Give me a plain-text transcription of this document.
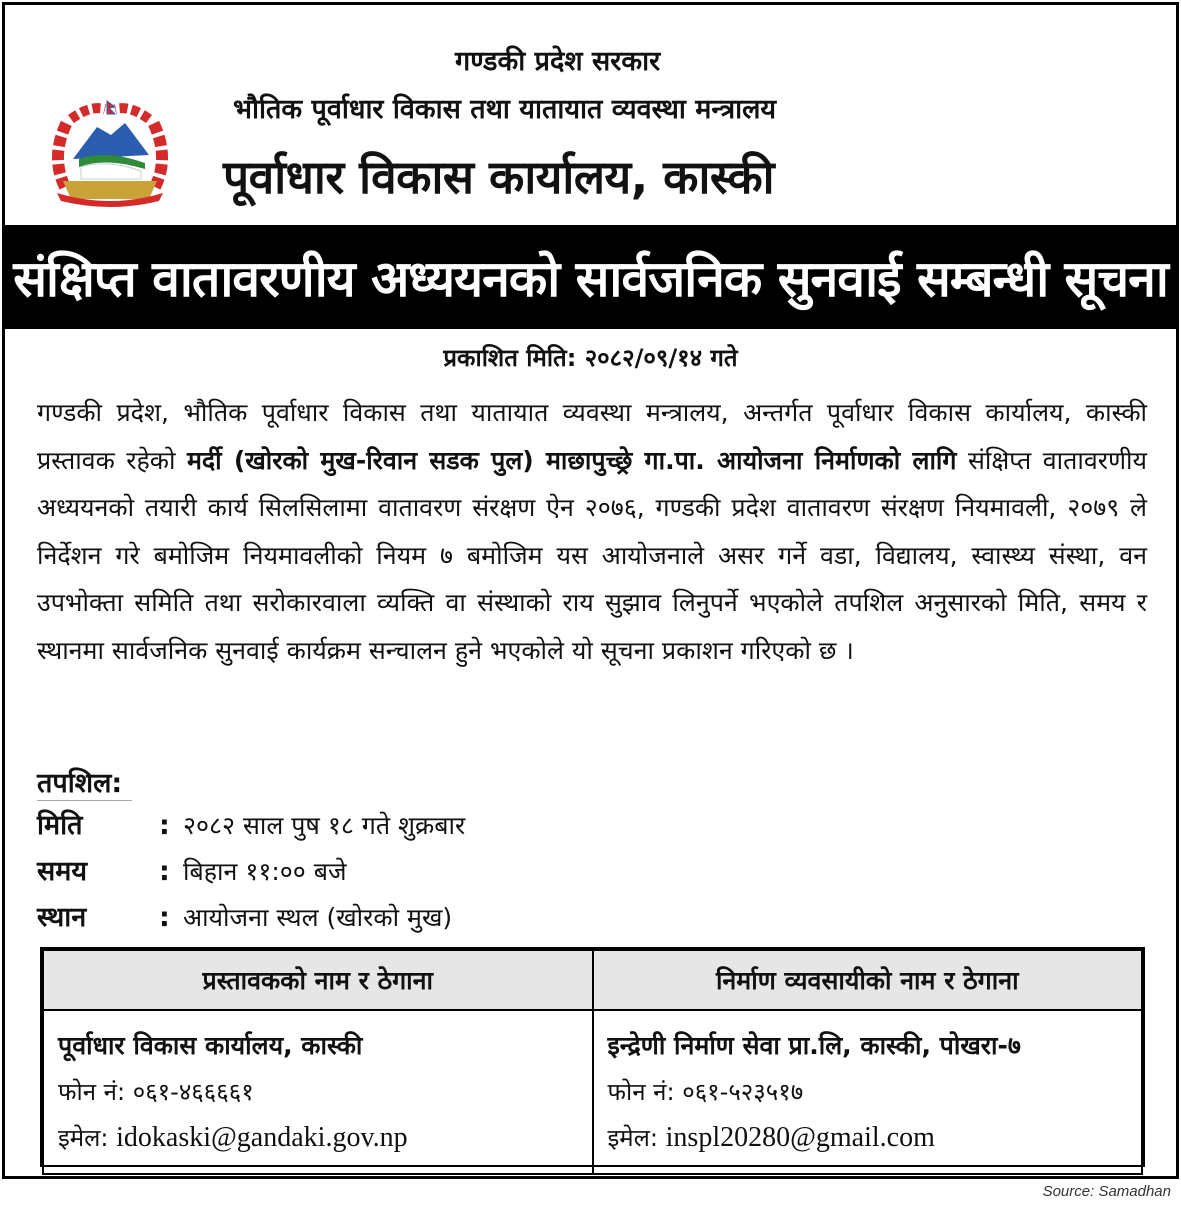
गण्डकी प्रदेश सरकार
भौतिक पूर्वाधार विकास तथा यातायात व्यवस्था मन्त्रालय
पूर्वाधार विकास कार्यालय, कास्की
संक्षिप्त वातावरणीय अध्ययनको सार्वजनिक सुनवाई सम्बन्धी सूचना
प्रकाशित मिति: २०८२/०९/१४ गते
गण्डकी प्रदेश, भौतिक पूर्वाधार विकास तथा यातायात व्यवस्था मन्त्रालय, अन्तर्गत पूर्वाधार विकास कार्यालय, कास्की प्रस्तावक रहेको मर्दी (खोरको मुख-रिवान सडक पुल) माछापुच्छ्रे गा.पा. आयोजना निर्माणको लागि संक्षिप्त वातावरणीय अध्ययनको तयारी कार्य सिलसिलामा वातावरण संरक्षण ऐन २०७६, गण्डकी प्रदेश वातावरण संरक्षण नियमावली, २०७९ ले निर्देशन गरे बमोजिम नियमावलीको नियम ७ बमोजिम यस आयोजनाले असर गर्ने वडा, विद्यालय, स्वास्थ्य संस्था, वन उपभोक्ता समिति तथा सरोकारवाला व्यक्ति वा संस्थाको राय सुझाव लिनुपर्ने भएकोले तपशिल अनुसारको मिति, समय र स्थानमा सार्वजनिक सुनवाई कार्यक्रम सन्चालन हुने भएकोले यो सूचना प्रकाशन गरिएको छ ।
तपशिल:
मिति	: २०८२ साल पुष १८ गते शुक्रबार
समय	: बिहान ११:०० बजे
स्थान	: आयोजना स्थल (खोरको मुख)
प्रस्तावकको नाम र ठेगाना	निर्माण व्यवसायीको नाम र ठेगाना

पूर्वाधार विकास कार्यालय, कास्की
फोन नं: ०६१-४६६६६१
इमेल: idokaski@gandaki.gov.np

इन्द्रेणी निर्माण सेवा प्रा.लि, कास्की, पोखरा-७
फोन नं: ०६१-५२३५१७
इमेल: inspl20280@gmail.com
Source: Samadhan
